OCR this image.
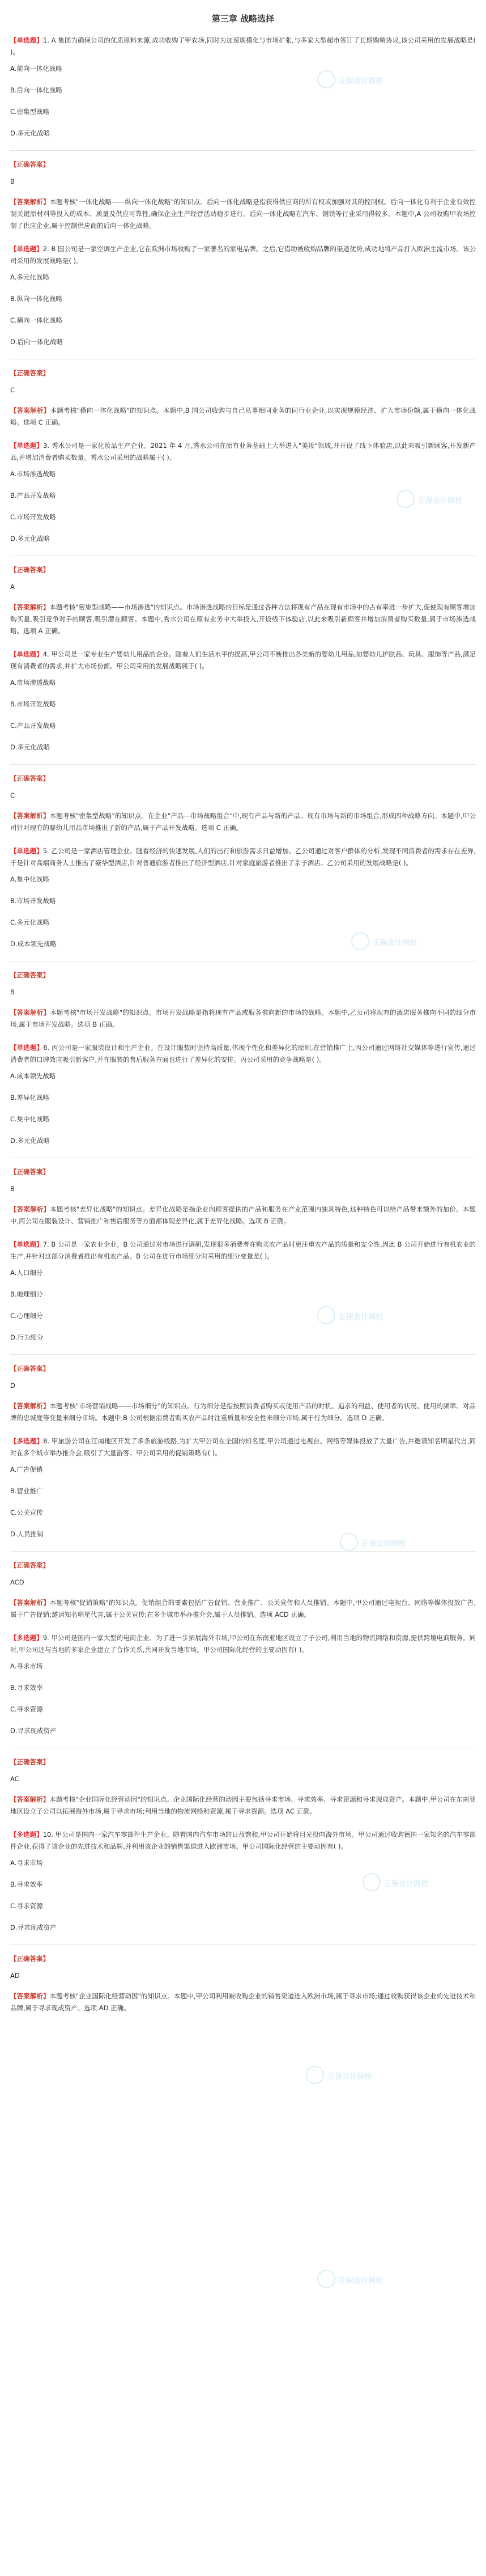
第三章 战略选择
【单选题】1. A 集团为确保公司的优质原料来源,成功收购了甲农场,同时为加速规模化与市场扩张,与多家大型超市签订了长期购销协议,该公司采用的发展战略是( )。
A.前向一体化战略
B.后向一体化战略
C.密集型战略
D.多元化战略
【正确答案】
B
【答案解析】本题考核"一体化战略——纵向一体化战略"的知识点。后向一体化战略是指获得供应商的所有权或加强对其的控制权。后向一体化有利于企业有效控制关键原材料等投入的成本、质量及供应可靠性,确保企业生产经营活动稳步进行。后向一体化战略在汽车、钢铁等行业采用得较多。本题中,A 公司收购甲农场控制了供应企业,属于控制供应商的后向一体化战略。
【单选题】2. B 国公司是一家空调生产企业,它在欧洲市场收购了一家著名的家电品牌。之后,它借助被收购品牌的渠道优势,成功地将产品打入欧洲主流市场。该公司采用的发展战略是( )。
A.多元化战略
B.纵向一体化战略
C.横向一体化战略
D.后向一体化战略
【正确答案】
C
【答案解析】本题考核"横向一体化战略"的知识点。本题中,B 国公司收购与自己从事相同业务的同行业企业,以实现规模经济、扩大市场份额,属于横向一体化战略。选项 C 正确。
【单选题】3. 秀水公司是一家化妆品生产企业。2021 年 4 月,秀水公司在原有业务基础上大举进入"美妆"领域,并开设了线下体验店,以此来吸引新顾客,开发新产品,并增加消费者购买数量。秀水公司采用的战略属于( )。
A.市场渗透战略
B.产品开发战略
C.市场开发战略
D.多元化战略
【正确答案】
A
【答案解析】本题考核"密集型战略——市场渗透"的知识点。市场渗透战略的目标是通过各种方法将现有产品在现有市场中的占有率进一步扩大,促使现有顾客增加购买量,吸引竞争对手的顾客,吸引潜在顾客。本题中,秀水公司在原有业务中大举投入,开设线下体验店,以此来吸引新顾客并增加消费者购买数量,属于市场渗透战略。选项 A 正确。
【单选题】4. 甲公司是一家专业生产婴幼儿用品的企业。随着人们生活水平的提高,甲公司不断推出各类新的婴幼儿用品,如婴幼儿护肤品、玩具、服饰等产品,满足现有消费者的需求,并扩大市场份额。甲公司采用的发展战略属于( )。
A.市场渗透战略
B.市场开发战略
C.产品开发战略
D.多元化战略
【正确答案】
C
【答案解析】本题考核"密集型战略"的知识点。在企业"产品—市场战略组合"中,现有产品与新的产品、现有市场与新的市场组合,形成四种战略方向。本题中,甲公司针对现有的婴幼儿用品市场推出了新的产品,属于产品开发战略。选项 C 正确。
【单选题】5. 乙公司是一家酒店管理企业。随着经济的快速发展,人们的出行和旅游需求日益增加。乙公司通过对客户群体的分析,发现不同消费者的需求存在差异,于是针对高端商务人士推出了豪华型酒店,针对普通旅游者推出了经济型酒店,针对家庭旅游者推出了亲子酒店。乙公司采用的发展战略是( )。
A.集中化战略
B.市场开发战略
C.多元化战略
D.成本领先战略
【正确答案】
B
【答案解析】本题考核"市场开发战略"的知识点。市场开发战略是指将现有产品或服务推向新的市场的战略。本题中,乙公司将现有的酒店服务推向不同的细分市场,属于市场开发战略。选项 B 正确。
【单选题】6. 丙公司是一家服装设计和生产企业。在设计服装时坚持高质量,体现个性化和差异化的原则,在营销推广上,丙公司通过网络社交媒体等进行宣传,通过消费者的口碑效应吸引新客户,并在服装的售后服务方面也进行了差异化的安排。丙公司采用的竞争战略是( )。
A.成本领先战略
B.差异化战略
C.集中化战略
D.多元化战略
【正确答案】
B
【答案解析】本题考核"差异化战略"的知识点。差异化战略是指企业向顾客提供的产品和服务在产业范围内独具特色,这种特色可以给产品带来额外的加价。本题中,丙公司在服装设计、营销推广和售后服务等方面都体现差异化,属于差异化战略。选项 B 正确。
【单选题】7. B 公司是一家农业企业。B 公司通过对市场进行调研,发现很多消费者在购买农产品时更注重农产品的质量和安全性,因此 B 公司开始进行有机农业的生产,并针对这部分消费者推出有机农产品。B 公司在进行市场细分时采用的细分变量是( )。
A.人口细分
B.地理细分
C.心理细分
D.行为细分
【正确答案】
D
【答案解析】本题考核"市场营销战略——市场细分"的知识点。行为细分是指按照消费者购买或使用产品的时机、追求的利益、使用者的状况、使用的频率、对品牌的忠诚度等变量来细分市场。本题中,B 公司根据消费者购买农产品时注重质量和安全性来细分市场,属于行为细分。选项 D 正确。
【多选题】8. 甲旅游公司在江南地区开发了多条旅游线路,为扩大甲公司在全国的知名度,甲公司通过电视台、网络等媒体投放了大量广告,并邀请知名明星代言,同时在多个城市举办推介会,吸引了大量游客。甲公司采用的促销策略有( )。
A.广告促销
B.营业推广
C.公关宣传
D.人员推销
【正确答案】
ACD
【答案解析】本题考核"促销策略"的知识点。促销组合的要素包括广告促销、营业推广、公关宣传和人员推销。本题中,甲公司通过电视台、网络等媒体投放广告,属于广告促销;邀请知名明星代言,属于公关宣传;在多个城市举办推介会,属于人员推销。选项 ACD 正确。
【多选题】9. 甲公司是国内一家大型的电商企业。为了进一步拓展海外市场,甲公司在东南亚地区设立了子公司,利用当地的物流网络和资源,提供跨境电商服务。同时,甲公司还与当地的多家企业建立了合作关系,共同开发当地市场。甲公司国际化经营的主要动因有( )。
A.寻求市场
B.寻求效率
C.寻求资源
D.寻求现成资产
【正确答案】
AC
【答案解析】本题考核"企业国际化经营动因"的知识点。企业国际化经营的动因主要包括寻求市场、寻求效率、寻求资源和寻求现成资产。本题中,甲公司在东南亚地区设立子公司以拓展海外市场,属于寻求市场;利用当地的物流网络和资源,属于寻求资源。选项 AC 正确。
【多选题】10. 甲公司是国内一家汽车零部件生产企业。随着国内汽车市场的日益饱和,甲公司开始将目光投向海外市场。甲公司通过收购德国一家知名的汽车零部件企业,获得了该企业的先进技术和品牌,并利用该企业的销售渠道进入欧洲市场。甲公司国际化经营的主要动因有( )。
A.寻求市场
B.寻求效率
C.寻求资源
D.寻求现成资产
【正确答案】
AD
【答案解析】本题考核"企业国际化经营动因"的知识点。本题中,甲公司利用被收购企业的销售渠道进入欧洲市场,属于寻求市场;通过收购获得该企业的先进技术和品牌,属于寻求现成资产。选项 AD 正确。
正保会计网校
正保会计网校
正保会计网校
正保会计网校
正保会计网校
正保会计网校
正保会计网校
正保会计网校
